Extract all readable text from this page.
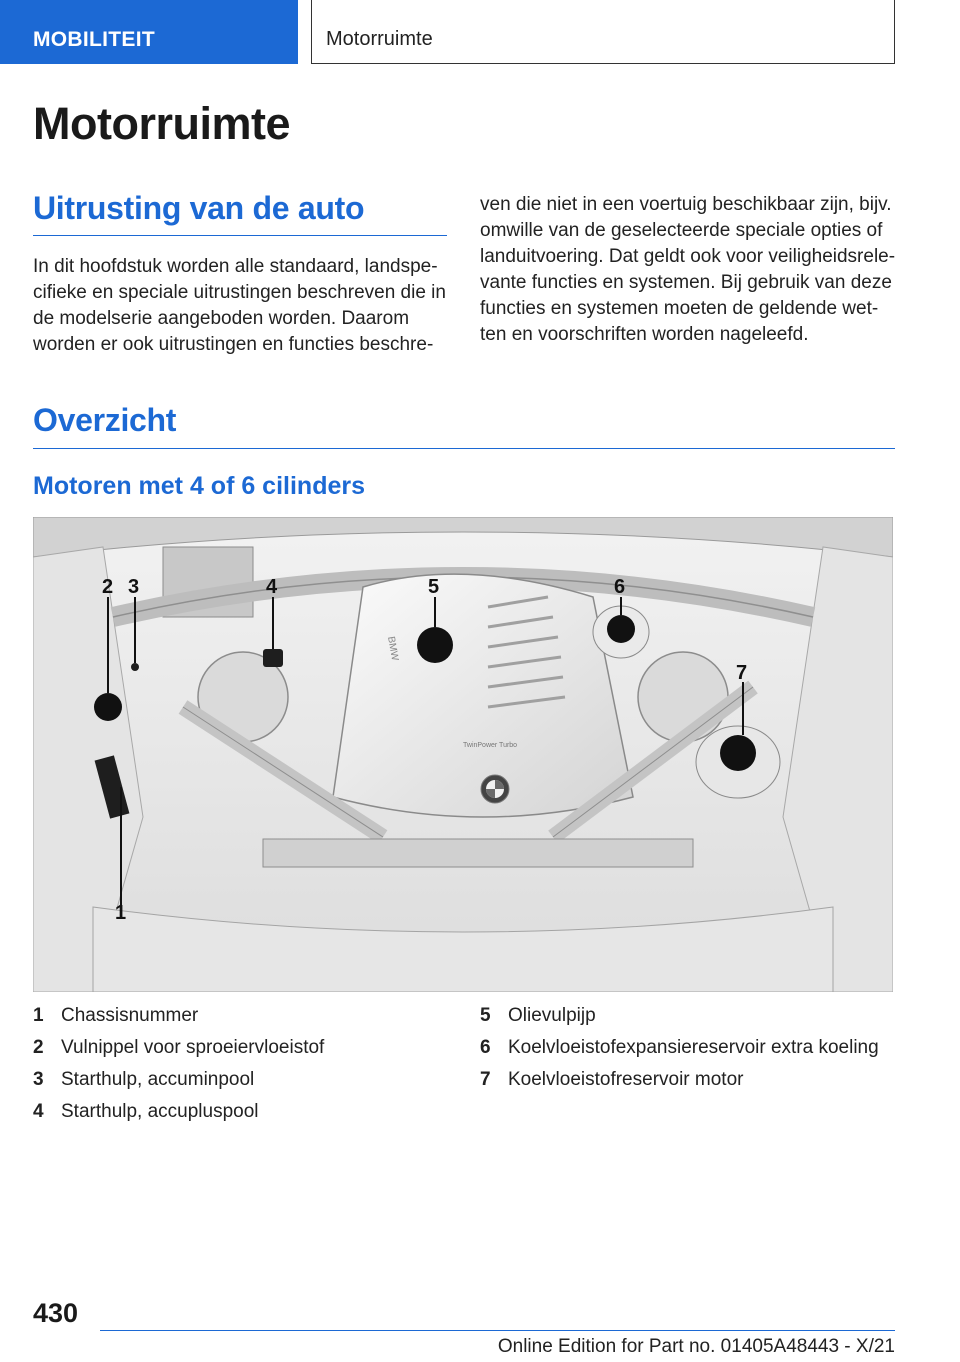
MOBILITEIT	Motorruimte
Motorruimte
Uitrusting van de auto

In dit hoofdstuk worden alle standaard, landspe-cifieke en speciale uitrustingen beschreven die in de modelserie aangeboden worden. Daarom worden er ook uitrustingen en functies beschre-

ven die niet in een voertuig beschikbaar zijn, bijv. omwille van de geselecteerde speciale opties of landuitvoering. Dat geldt ook voor veiligheidsrele-vante functies en systemen. Bij gebruik van deze functies en systemen moeten de geldende wet-ten en voorschriften worden nageleefd.

Overzicht
Motoren met 4 of 6 cilinders
BMW
TwinPower Turbo
1
2 3	4	5	6
7
1 Chassisnummer
2 Vulnippel voor sproeiervloeistof
3 Starthulp, accuminpool
4 Starthulp, accupluspool
5 Olievulpijp
6 Koelvloeistofexpansiereservoir extra koeling
7 Koelvloeistofreservoir motor
430
Online Edition for Part no. 01405A48443 - X/21
